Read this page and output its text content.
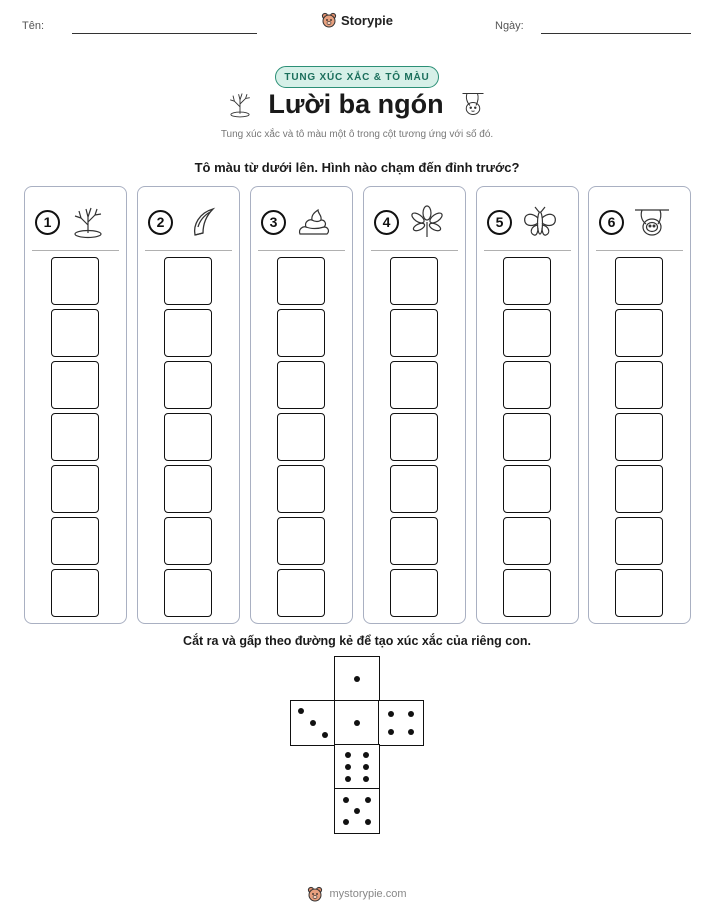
Tên:	Ngày:
Storypie
TUNG XÚC XẮC & TÔ MÀU
Lười ba ngón
Tung xúc xắc và tô màu một ô trong cột tương ứng với số đó.
Tô màu từ dưới lên. Hình nào chạm đến đỉnh trước?
1	2	3	4	5	6
Cắt ra và gấp theo đường kẻ để tạo xúc xắc của riêng con.
mystorypie.com
